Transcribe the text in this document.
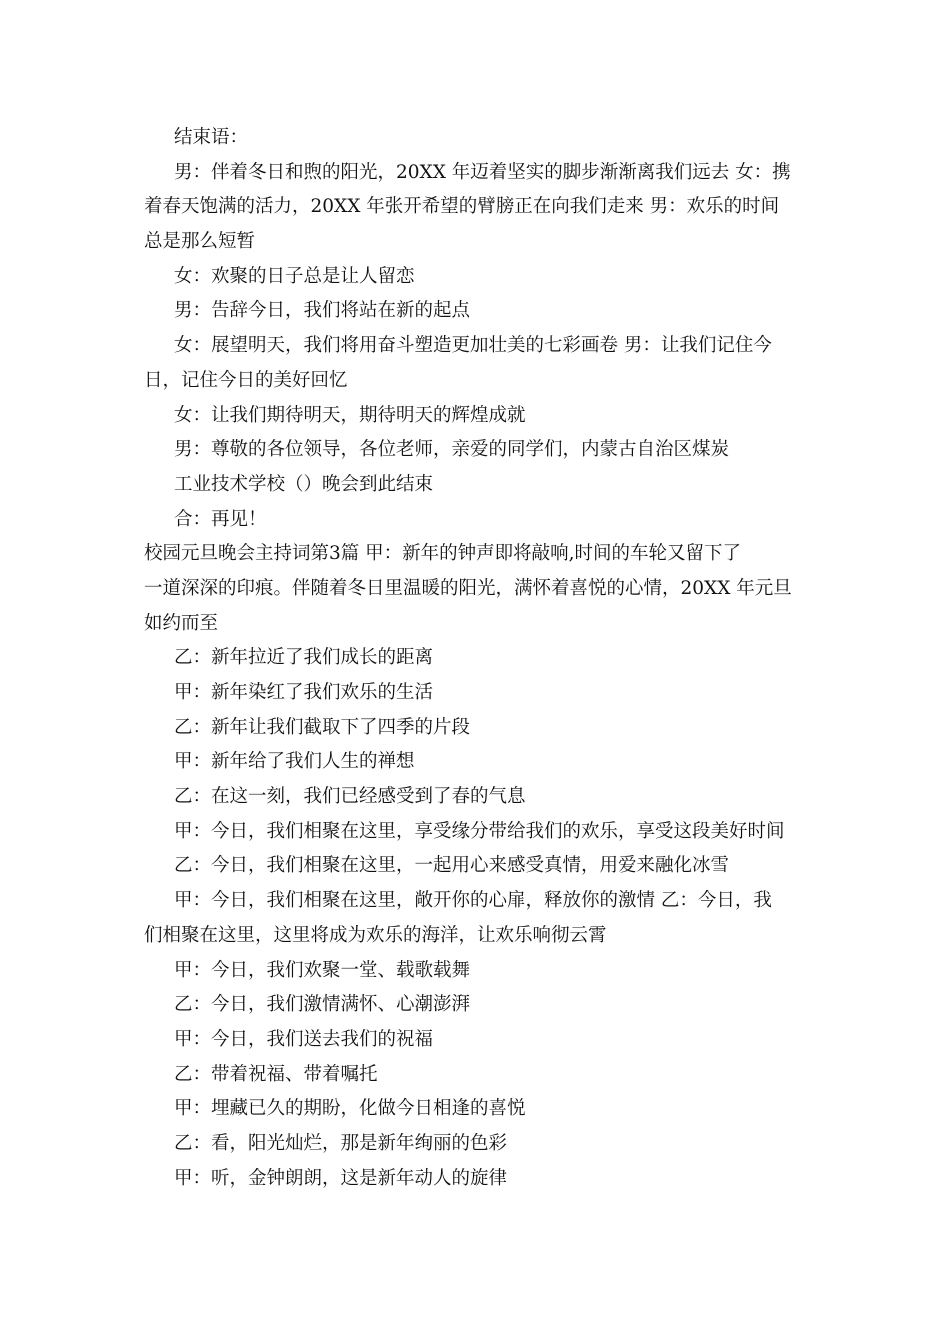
结束语：
男：伴着冬日和煦的阳光，20XX 年迈着坚实的脚步渐渐离我们远去 女：携
着春天饱满的活力，20XX 年张开希望的臂膀正在向我们走来 男：欢乐的时间
总是那么短暂
女：欢聚的日子总是让人留恋
男：告辞今日，我们将站在新的起点
女：展望明天，我们将用奋斗塑造更加壮美的七彩画卷 男：让我们记住今
日，记住今日的美好回忆
女：让我们期待明天，期待明天的辉煌成就
男：尊敬的各位领导，各位老师，亲爱的同学们，内蒙古自治区煤炭
工业技术学校（）晚会到此结束
合：再见！
校园元旦晚会主持词第3篇 甲：新年的钟声即将敲响,时间的车轮又留下了
一道深深的印痕。伴随着冬日里温暖的阳光，满怀着喜悦的心情，20XX 年元旦
如约而至
乙：新年拉近了我们成长的距离
甲：新年染红了我们欢乐的生活
乙：新年让我们截取下了四季的片段
甲：新年给了我们人生的禅想
乙：在这一刻，我们已经感受到了春的气息
甲：今日，我们相聚在这里，享受缘分带给我们的欢乐，享受这段美好时间
乙：今日，我们相聚在这里，一起用心来感受真情，用爱来融化冰雪
甲：今日，我们相聚在这里，敞开你的心扉，释放你的激情 乙：今日，我
们相聚在这里，这里将成为欢乐的海洋，让欢乐响彻云霄
甲：今日，我们欢聚一堂、载歌载舞
乙：今日，我们激情满怀、心潮澎湃
甲：今日，我们送去我们的祝福
乙：带着祝福、带着嘱托
甲：埋藏已久的期盼，化做今日相逢的喜悦
乙：看，阳光灿烂，那是新年绚丽的色彩
甲：听，金钟朗朗，这是新年动人的旋律
